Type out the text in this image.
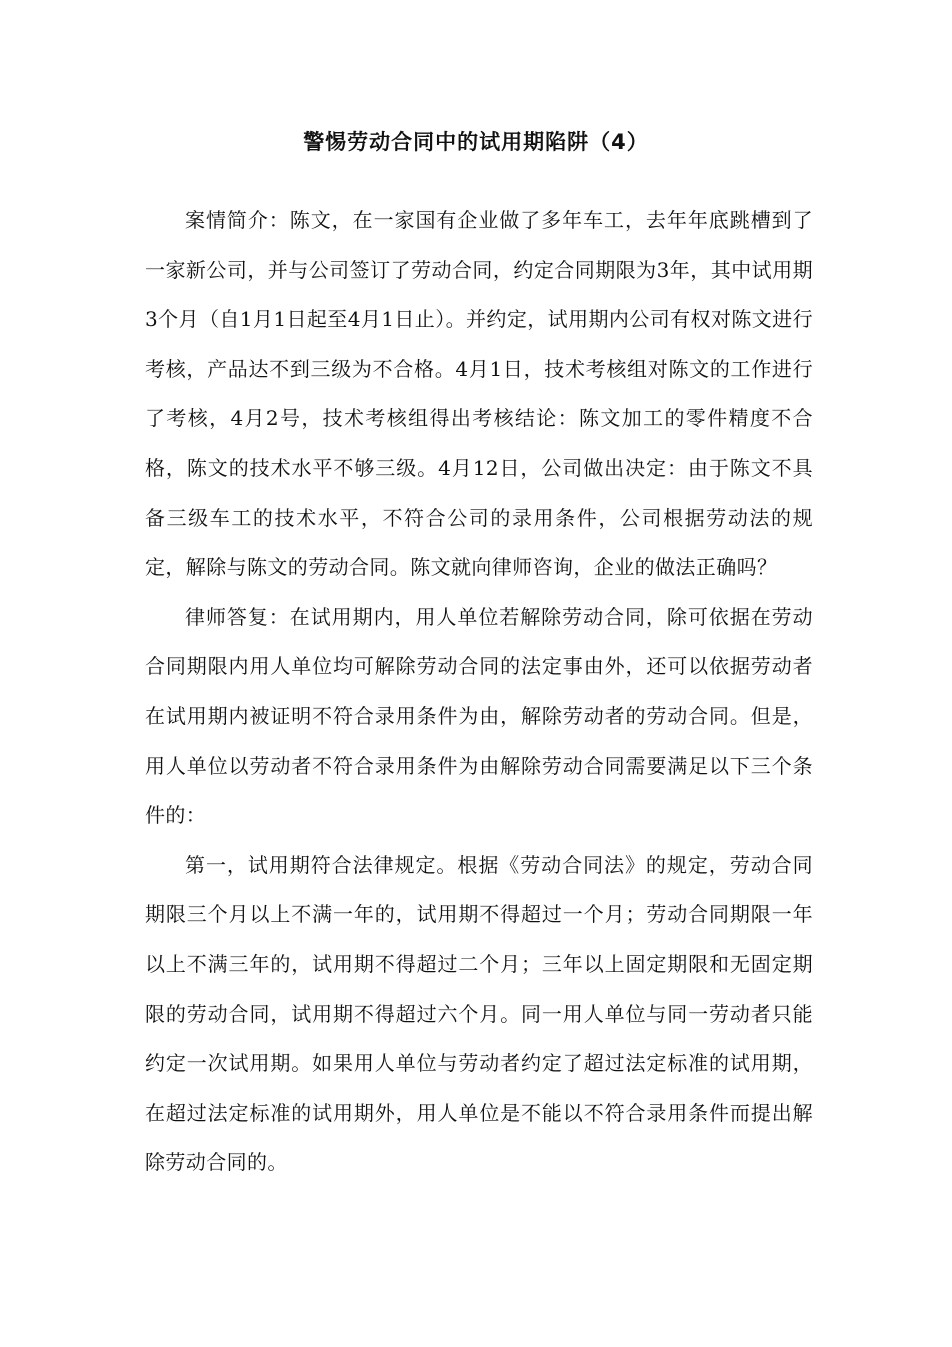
警惕劳动合同中的试用期陷阱（4）

案情简介：陈文，在一家国有企业做了多年车工，去年年底跳槽到了一家新公司，并与公司签订了劳动合同，约定合同期限为3年，其中试用期3个月（自1月1日起至4月1日止）。并约定，试用期内公司有权对陈文进行考核，产品达不到三级为不合格。4月1日，技术考核组对陈文的工作进行了考核，4月2号，技术考核组得出考核结论：陈文加工的零件精度不合格，陈文的技术水平不够三级。4月12日，公司做出决定：由于陈文不具备三级车工的技术水平，不符合公司的录用条件，公司根据劳动法的规定，解除与陈文的劳动合同。陈文就向律师咨询，企业的做法正确吗？

律师答复：在试用期内，用人单位若解除劳动合同，除可依据在劳动合同期限内用人单位均可解除劳动合同的法定事由外，还可以依据劳动者在试用期内被证明不符合录用条件为由，解除劳动者的劳动合同。但是，用人单位以劳动者不符合录用条件为由解除劳动合同需要满足以下三个条件的：

第一，试用期符合法律规定。根据《劳动合同法》的规定，劳动合同期限三个月以上不满一年的，试用期不得超过一个月；劳动合同期限一年以上不满三年的，试用期不得超过二个月；三年以上固定期限和无固定期限的劳动合同，试用期不得超过六个月。同一用人单位与同一劳动者只能约定一次试用期。如果用人单位与劳动者约定了超过法定标准的试用期，在超过法定标准的试用期外，用人单位是不能以不符合录用条件而提出解除劳动合同的。
